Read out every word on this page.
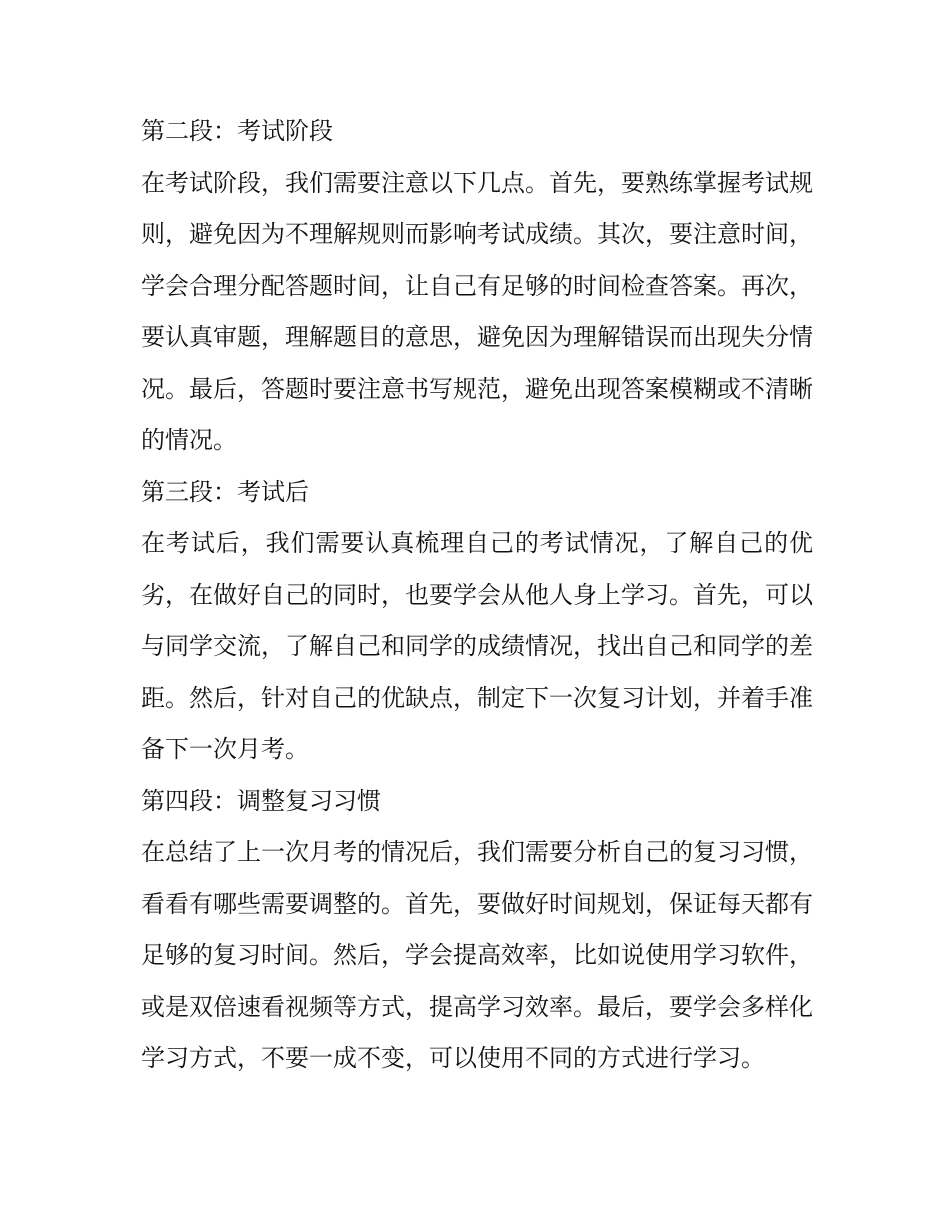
第二段：考试阶段

在考试阶段，我们需要注意以下几点。首先，要熟练掌握考试规则，避免因为不理解规则而影响考试成绩。其次，要注意时间，学会合理分配答题时间，让自己有足够的时间检查答案。再次，要认真审题，理解题目的意思，避免因为理解错误而出现失分情况。最后，答题时要注意书写规范，避免出现答案模糊或不清晰的情况。

第三段：考试后

在考试后，我们需要认真梳理自己的考试情况，了解自己的优劣，在做好自己的同时，也要学会从他人身上学习。首先，可以与同学交流，了解自己和同学的成绩情况，找出自己和同学的差距。然后，针对自己的优缺点，制定下一次复习计划，并着手准备下一次月考。

第四段：调整复习习惯

在总结了上一次月考的情况后，我们需要分析自己的复习习惯，看看有哪些需要调整的。首先，要做好时间规划，保证每天都有足够的复习时间。然后，学会提高效率，比如说使用学习软件，或是双倍速看视频等方式，提高学习效率。最后，要学会多样化学习方式，不要一成不变，可以使用不同的方式进行学习。
